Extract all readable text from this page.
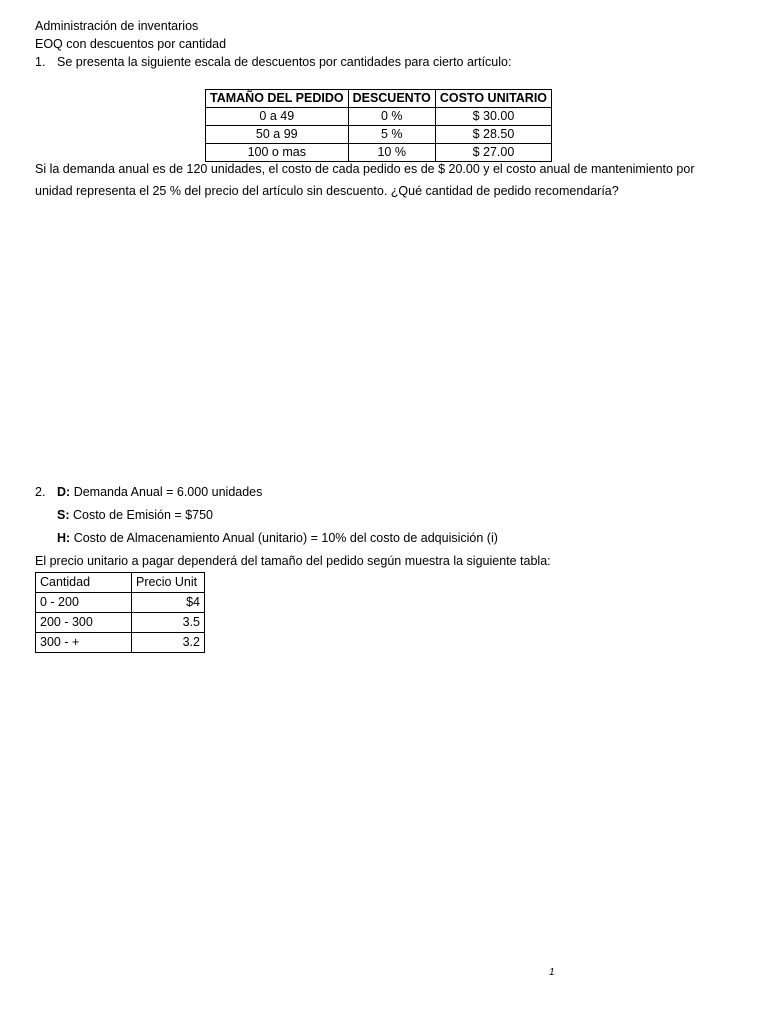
Administración de inventarios
EOQ con descuentos por cantidad
1. Se presenta la siguiente escala de descuentos por cantidades para cierto artículo:
TAMAÑO DEL PEDIDO	DESCUENTO	COSTO UNITARIO
0 a 49	0 %	$ 30.00
50 a 99	5 %	$ 28.50
100 o mas	10 %	$ 27.00
Si la demanda anual es de 120 unidades, el costo de cada pedido es de $ 20.00 y el costo anual de mantenimiento por
unidad representa el 25 % del precio del artículo sin descuento. ¿Qué cantidad de pedido recomendaría?
2. D: Demanda Anual = 6.000 unidades
S: Costo de Emisión = $750
H: Costo de Almacenamiento Anual (unitario) = 10% del costo de adquisición (i)
El precio unitario a pagar dependerá del tamaño del pedido según muestra la siguiente tabla:
Cantidad	Precio Unit
0 - 200	$4
200 - 300	3.5
300 - +	3.2
1
